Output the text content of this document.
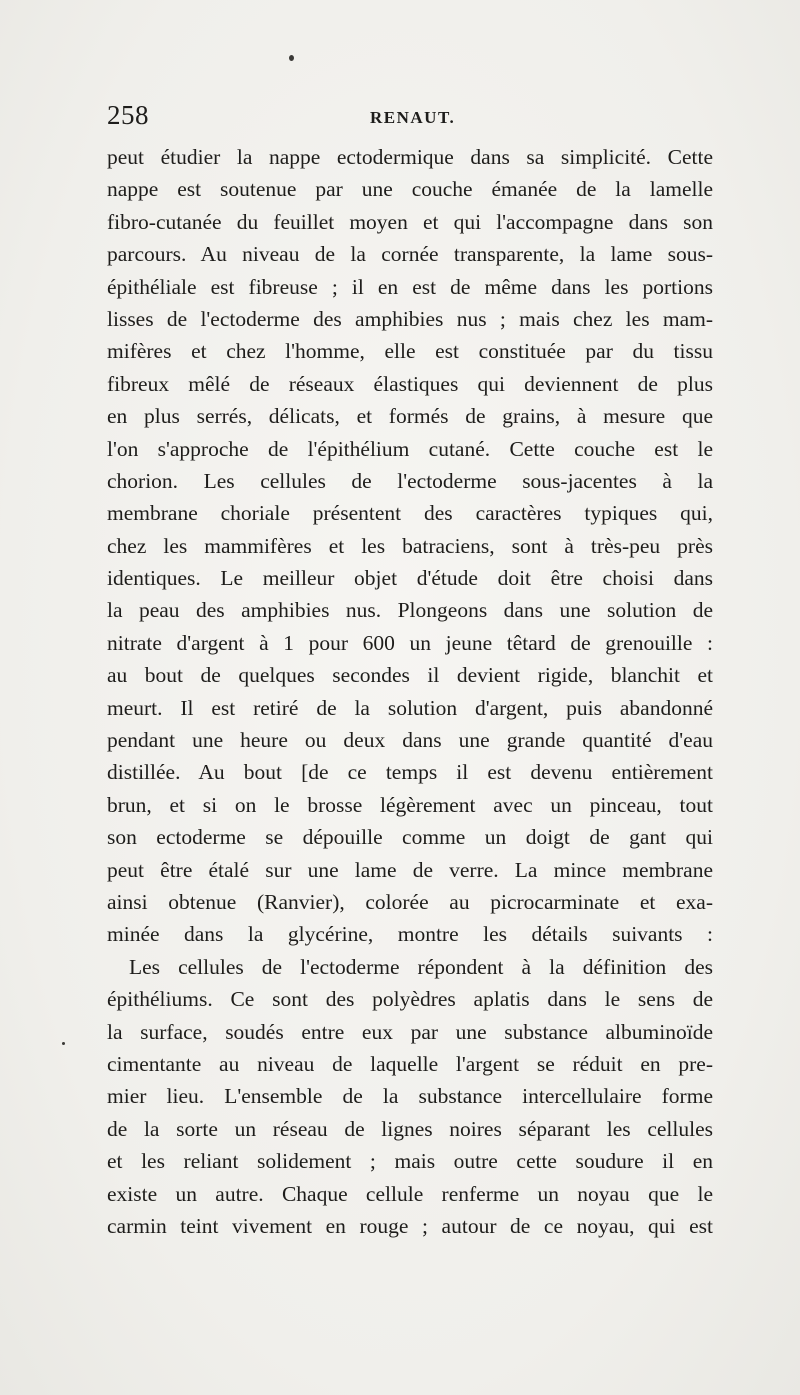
258	RENAUT.
peut étudier la nappe ectodermique dans sa simplicité. Cette
nappe est soutenue par une couche émanée de la lamelle
fibro-cutanée du feuillet moyen et qui l'accompagne dans son
parcours. Au niveau de la cornée transparente, la lame sous-
épithéliale est fibreuse ; il en est de même dans les portions
lisses de l'ectoderme des amphibies nus ; mais chez les mam-
mifères et chez l'homme, elle est constituée par du tissu
fibreux mêlé de réseaux élastiques qui deviennent de plus
en plus serrés, délicats, et formés de grains, à mesure que
l'on s'approche de l'épithélium cutané. Cette couche est le
chorion. Les cellules de l'ectoderme sous-jacentes à la
membrane choriale présentent des caractères typiques qui,
chez les mammifères et les batraciens, sont à très-peu près
identiques. Le meilleur objet d'étude doit être choisi dans
la peau des amphibies nus. Plongeons dans une solution de
nitrate d'argent à 1 pour 600 un jeune têtard de grenouille :
au bout de quelques secondes il devient rigide, blanchit et
meurt. Il est retiré de la solution d'argent, puis abandonné
pendant une heure ou deux dans une grande quantité d'eau
distillée. Au bout [de ce temps il est devenu entièrement
brun, et si on le brosse légèrement avec un pinceau, tout
son ectoderme se dépouille comme un doigt de gant qui
peut être étalé sur une lame de verre. La mince membrane
ainsi obtenue (Ranvier), colorée au picrocarminate et exa-
minée dans la glycérine, montre les détails suivants :
Les cellules de l'ectoderme répondent à la définition des
épithéliums. Ce sont des polyèdres aplatis dans le sens de
la surface, soudés entre eux par une substance albuminoïde
cimentante au niveau de laquelle l'argent se réduit en pre-
mier lieu. L'ensemble de la substance intercellulaire forme
de la sorte un réseau de lignes noires séparant les cellules
et les reliant solidement ; mais outre cette soudure il en
existe un autre. Chaque cellule renferme un noyau que le
carmin teint vivement en rouge ; autour de ce noyau, qui est
